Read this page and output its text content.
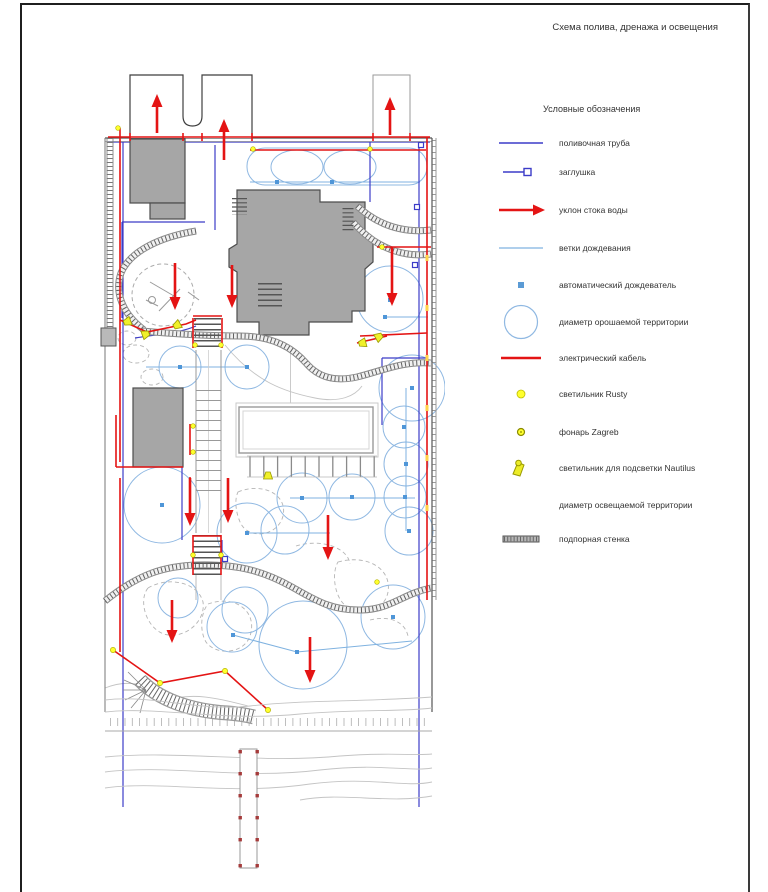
Схема полива, дренажа и освещения
Условные обозначения
поливочная труба
заглушка
уклон стока воды
ветки дождевания
автоматический дождеватель
диаметр орошаемой территории
электрический кабель
светильник Rusty
фонарь Zagreb
светильник для подсветки Nautilus
диаметр освещаемой территории
подпорная стенка
